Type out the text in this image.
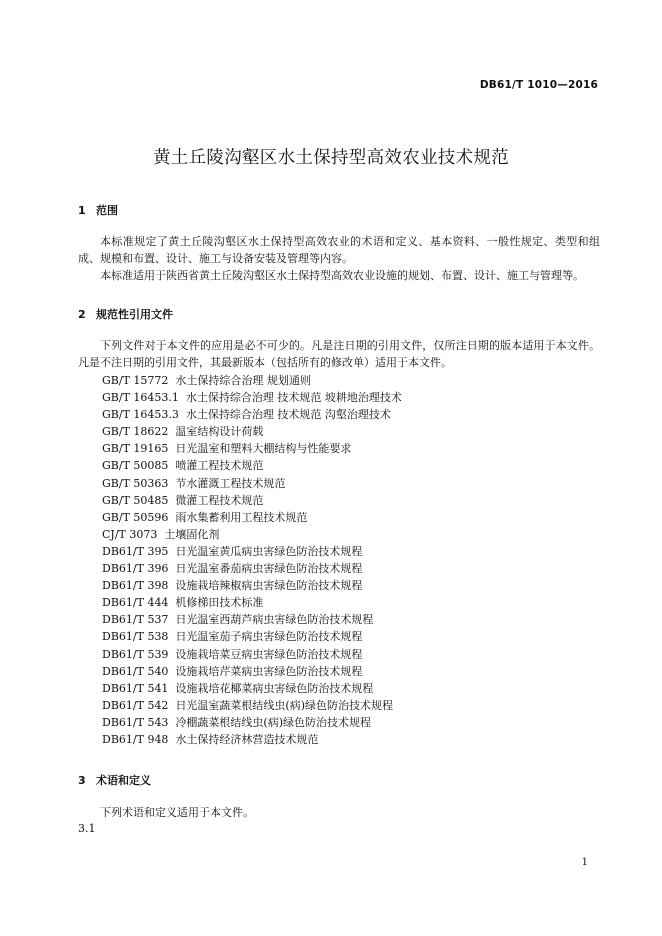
DB61/T 1010—2016
黄土丘陵沟壑区水土保持型高效农业技术规范
1 范围

本标准规定了黄土丘陵沟壑区水土保持型高效农业的术语和定义、基本资料、一般性规定、类型和组成、规模和布置、设计、施工与设备安装及管理等内容。

本标准适用于陕西省黄土丘陵沟壑区水土保持型高效农业设施的规划、布置、设计、施工与管理等。

2 规范性引用文件

下列文件对于本文件的应用是必不可少的。凡是注日期的引用文件，仅所注日期的版本适用于本文件。凡是不注日期的引用文件，其最新版本（包括所有的修改单）适用于本文件。

GB/T 15772 水土保持综合治理 规划通则
GB/T 16453.1 水土保持综合治理 技术规范 坡耕地治理技术
GB/T 16453.3 水土保持综合治理 技术规范 沟壑治理技术
GB/T 18622 温室结构设计荷载
GB/T 19165 日光温室和塑料大棚结构与性能要求
GB/T 50085 喷灌工程技术规范
GB/T 50363 节水灌溉工程技术规范
GB/T 50485 微灌工程技术规范
GB/T 50596 雨水集蓄利用工程技术规范
CJ/T 3073 土壤固化剂
DB61/T 395 日光温室黄瓜病虫害绿色防治技术规程
DB61/T 396 日光温室番茄病虫害绿色防治技术规程
DB61/T 398 设施栽培辣椒病虫害绿色防治技术规程
DB61/T 444 机修梯田技术标准
DB61/T 537 日光温室西葫芦病虫害绿色防治技术规程
DB61/T 538 日光温室茄子病虫害绿色防治技术规程
DB61/T 539 设施栽培菜豆病虫害绿色防治技术规程
DB61/T 540 设施栽培芹菜病虫害绿色防治技术规程
DB61/T 541 设施栽培花椰菜病虫害绿色防治技术规程
DB61/T 542 日光温室蔬菜根结线虫(病)绿色防治技术规程
DB61/T 543 冷棚蔬菜根结线虫(病)绿色防治技术规程
DB61/T 948 水土保持经济林营造技术规范
3 术语和定义

下列术语和定义适用于本文件。

3.1
1
